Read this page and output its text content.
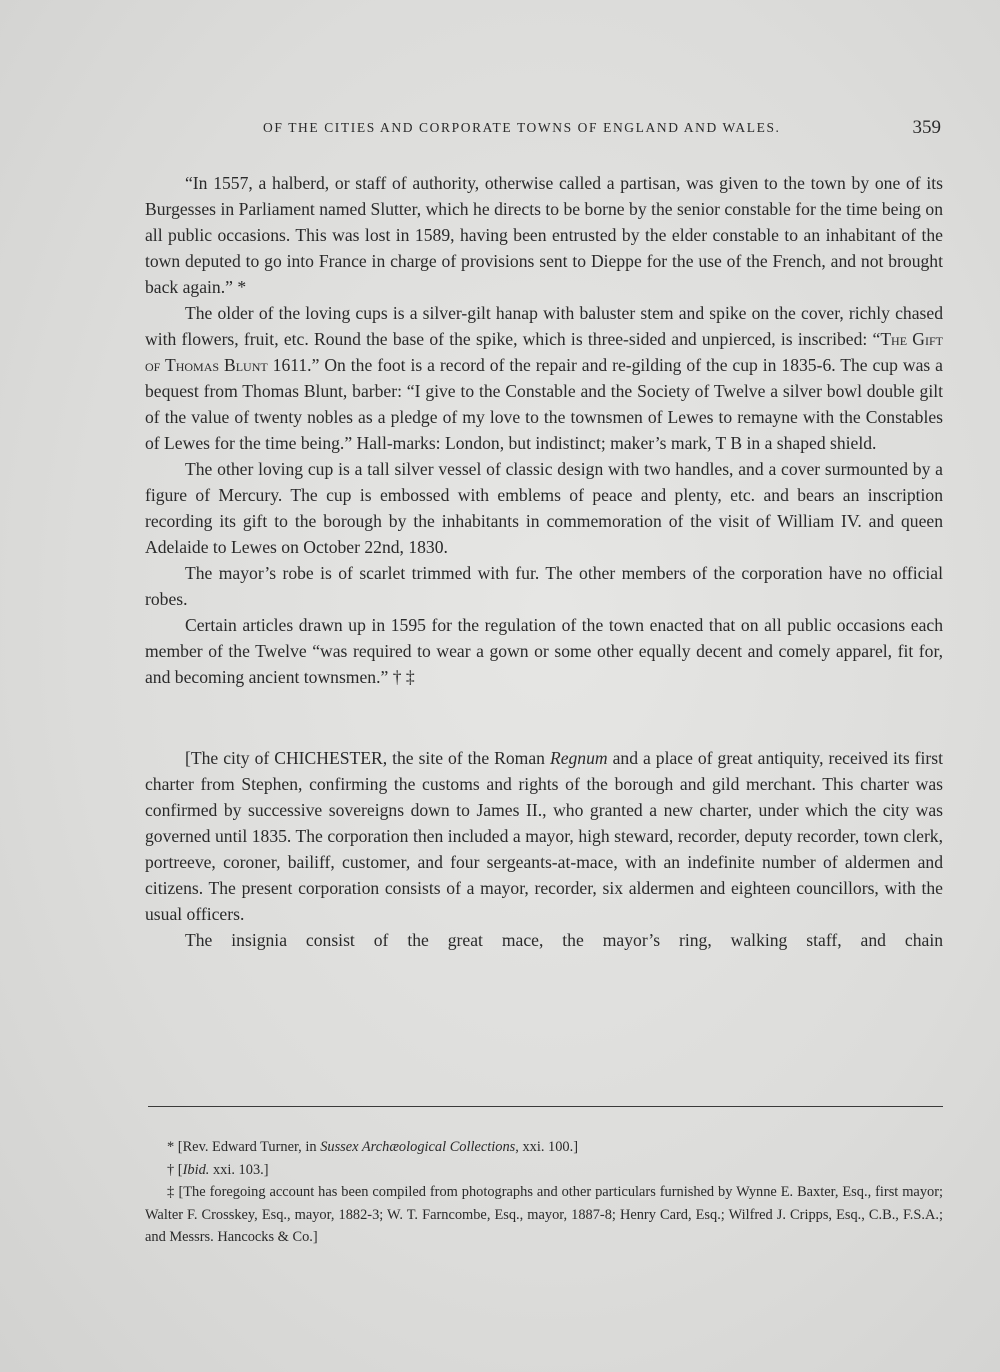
OF THE CITIES AND CORPORATE TOWNS OF ENGLAND AND WALES.	359

“In 1557, a halberd, or staff of authority, otherwise called a partisan, was given to the town by one of its Burgesses in Parliament named Slutter, which he directs to be borne by the senior constable for the time being on all public occasions. This was lost in 1589, having been entrusted by the elder constable to an inhabitant of the town deputed to go into France in charge of provisions sent to Dieppe for the use of the French, and not brought back again.” *

The older of the loving cups is a silver-gilt hanap with baluster stem and spike on the cover, richly chased with flowers, fruit, etc. Round the base of the spike, which is three-sided and unpierced, is inscribed: “The Gift of Thomas Blunt 1611.” On the foot is a record of the repair and re-gilding of the cup in 1835-6. The cup was a bequest from Thomas Blunt, barber: “I give to the Constable and the Society of Twelve a silver bowl double gilt of the value of twenty nobles as a pledge of my love to the townsmen of Lewes to remayne with the Constables of Lewes for the time being.” Hall-marks: London, but indistinct; maker’s mark, T B in a shaped shield.

The other loving cup is a tall silver vessel of classic design with two handles, and a cover surmounted by a figure of Mercury. The cup is embossed with emblems of peace and plenty, etc. and bears an inscription recording its gift to the borough by the inhabitants in commemoration of the visit of William IV. and queen Adelaide to Lewes on October 22nd, 1830.

The mayor’s robe is of scarlet trimmed with fur. The other members of the corporation have no official robes.

Certain articles drawn up in 1595 for the regulation of the town enacted that on all public occasions each member of the Twelve “was required to wear a gown or some other equally decent and comely apparel, fit for, and becoming ancient townsmen.” † ‡

[The city of CHICHESTER, the site of the Roman Regnum and a place of great antiquity, received its first charter from Stephen, confirming the customs and rights of the borough and gild merchant. This charter was confirmed by successive sovereigns down to James II., who granted a new charter, under which the city was governed until 1835. The corporation then included a mayor, high steward, recorder, deputy recorder, town clerk, portreeve, coroner, bailiff, customer, and four sergeants-at-mace, with an indefinite number of aldermen and citizens. The present corporation consists of a mayor, recorder, six aldermen and eighteen councillors, with the usual officers.

The insignia consist of the great mace, the mayor’s ring, walking staff, and chain

* [Rev. Edward Turner, in Sussex Archæological Collections, xxi. 100.]

† [Ibid. xxi. 103.]

‡ [The foregoing account has been compiled from photographs and other particulars furnished by Wynne E. Baxter, Esq., first mayor; Walter F. Crosskey, Esq., mayor, 1882-3; W. T. Farncombe, Esq., mayor, 1887-8; Henry Card, Esq.; Wilfred J. Cripps, Esq., C.B., F.S.A.; and Messrs. Hancocks & Co.]
